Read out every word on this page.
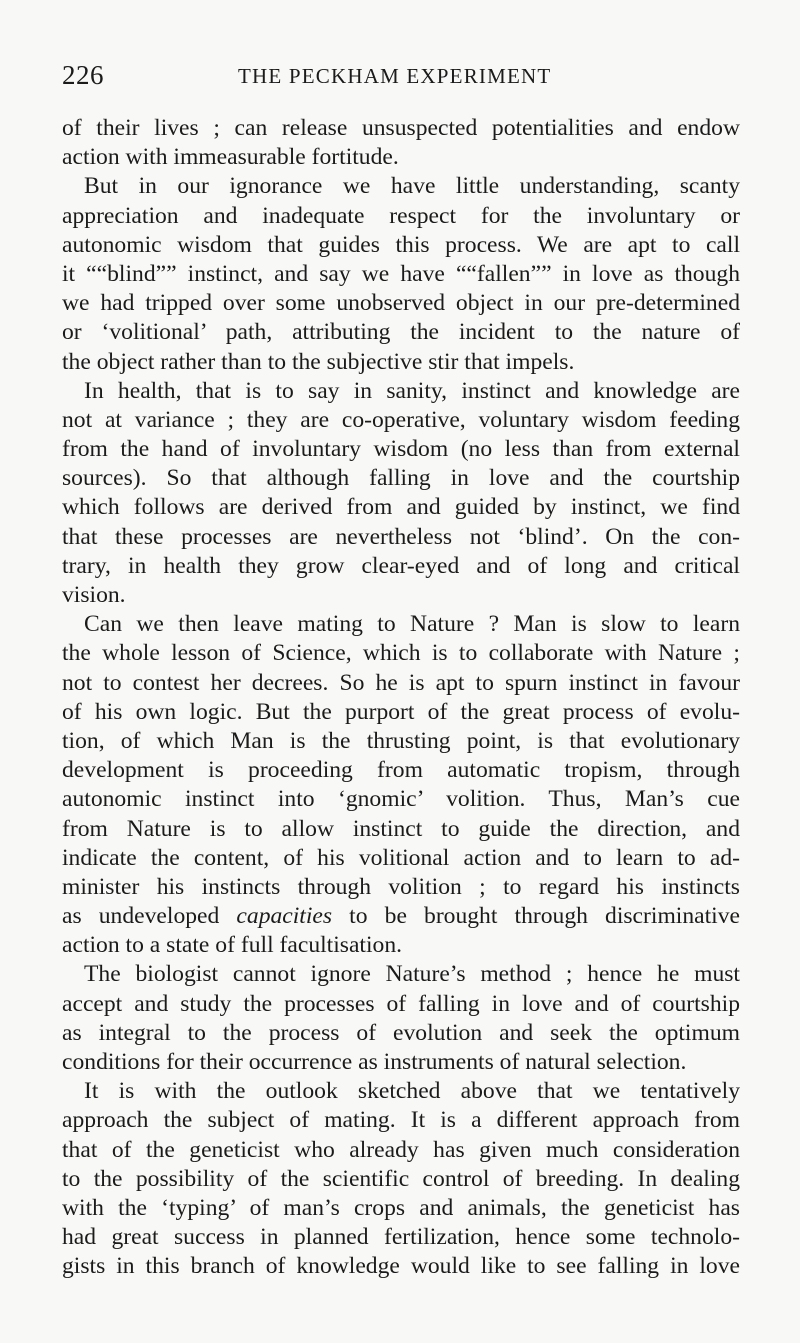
226	THE PECKHAM EXPERIMENT
of their lives ; can release unsuspected potentialities and endow
action with immeasurable fortitude.
But in our ignorance we have little understanding, scanty
appreciation and inadequate respect for the involuntary or
autonomic wisdom that guides this process. We are apt to call
it ““blind”” instinct, and say we have ““fallen”” in love as though
we had tripped over some unobserved object in our pre-determined
or ‘volitional’ path, attributing the incident to the nature of
the object rather than to the subjective stir that impels.
In health, that is to say in sanity, instinct and knowledge are
not at variance ; they are co-operative, voluntary wisdom feeding
from the hand of involuntary wisdom (no less than from external
sources). So that although falling in love and the courtship
which follows are derived from and guided by instinct, we find
that these processes are nevertheless not ‘blind’. On the con-
trary, in health they grow clear-eyed and of long and critical
vision.
Can we then leave mating to Nature ? Man is slow to learn
the whole lesson of Science, which is to collaborate with Nature ;
not to contest her decrees. So he is apt to spurn instinct in favour
of his own logic. But the purport of the great process of evolu-
tion, of which Man is the thrusting point, is that evolutionary
development is proceeding from automatic tropism, through
autonomic instinct into ‘gnomic’ volition. Thus, Man’s cue
from Nature is to allow instinct to guide the direction, and
indicate the content, of his volitional action and to learn to ad-
minister his instincts through volition ; to regard his instincts
as undeveloped capacities to be brought through discriminative
action to a state of full facultisation.
The biologist cannot ignore Nature’s method ; hence he must
accept and study the processes of falling in love and of courtship
as integral to the process of evolution and seek the optimum
conditions for their occurrence as instruments of natural selection.
It is with the outlook sketched above that we tentatively
approach the subject of mating. It is a different approach from
that of the geneticist who already has given much consideration
to the possibility of the scientific control of breeding. In dealing
with the ‘typing’ of man’s crops and animals, the geneticist has
had great success in planned fertilization, hence some technolo-
gists in this branch of knowledge would like to see falling in love
